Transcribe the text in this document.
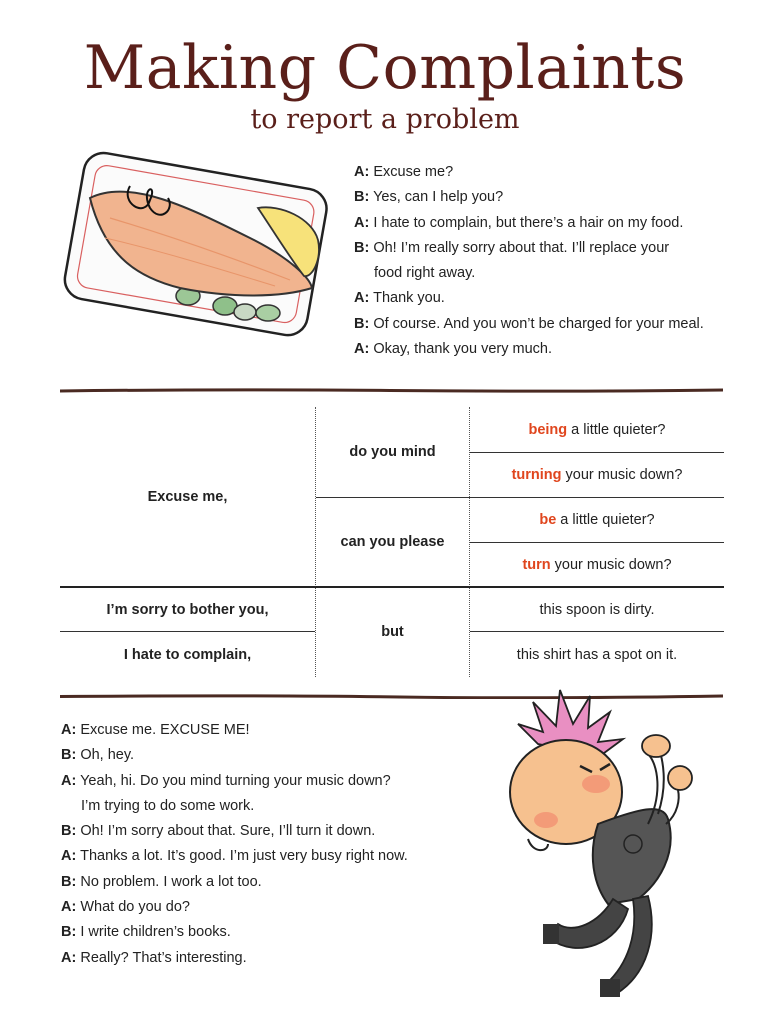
Making Complaints
to report a problem
A: Excuse me?
B: Yes, can I help you?
A: I hate to complain, but there’s a hair on my food.
B: Oh! I’m really sorry about that. I’ll replace your
food right away.
A: Thank you.
B: Of course. And you won’t be charged for your meal.
A: Okay, thank you very much.
Excuse me,
do you mind
can you please
being a little quieter?
turning your music down?
be a little quieter?
turn your music down?
I’m sorry to bother you,
I hate to complain,
but
this spoon is dirty.
this shirt has a spot on it.
A: Excuse me. EXCUSE ME!
B: Oh, hey.
A: Yeah, hi. Do you mind turning your music down?
I’m trying to do some work.
B: Oh! I’m sorry about that. Sure, I’ll turn it down.
A: Thanks a lot. It’s good. I’m just very busy right now.
B: No problem. I work a lot too.
A: What do you do?
B: I write children’s books.
A: Really? That’s interesting.
